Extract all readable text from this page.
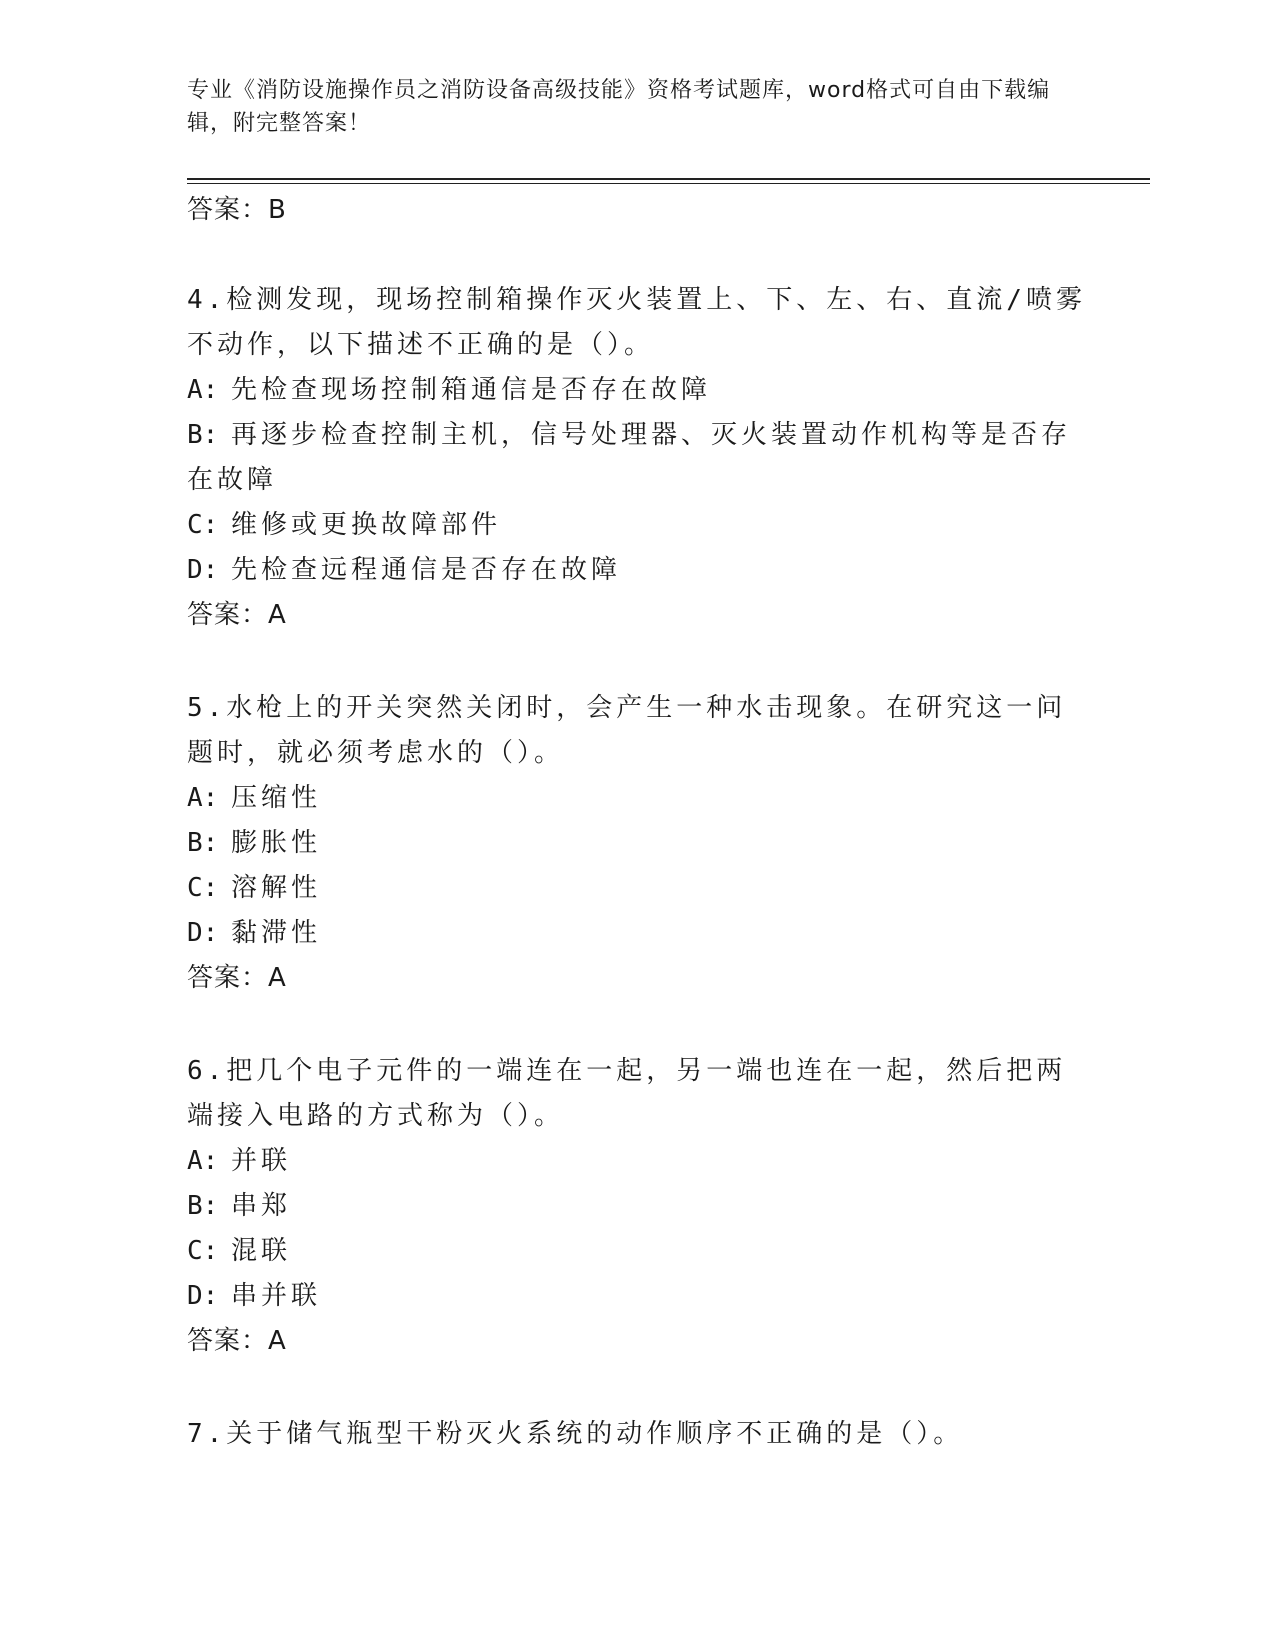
专业《消防设施操作员之消防设备高级技能》资格考试题库，word格式可自由下载编辑，附完整答案！
答案：B
4.检测发现，现场控制箱操作灭火装置上、下、左、右、直流/喷雾不动作，以下描述不正确的是（）。
A: 先检查现场控制箱通信是否存在故障
B: 再逐步检查控制主机，信号处理器、灭火装置动作机构等是否存在故障
C: 维修或更换故障部件
D: 先检查远程通信是否存在故障
答案：A
5.水枪上的开关突然关闭时，会产生一种水击现象。在研究这一问题时，就必须考虑水的（）。
A: 压缩性
B: 膨胀性
C: 溶解性
D: 黏滞性
答案：A
6.把几个电子元件的一端连在一起，另一端也连在一起，然后把两端接入电路的方式称为（）。
A: 并联
B: 串郑
C: 混联
D: 串并联
答案：A
7.关于储气瓶型干粉灭火系统的动作顺序不正确的是（）。
